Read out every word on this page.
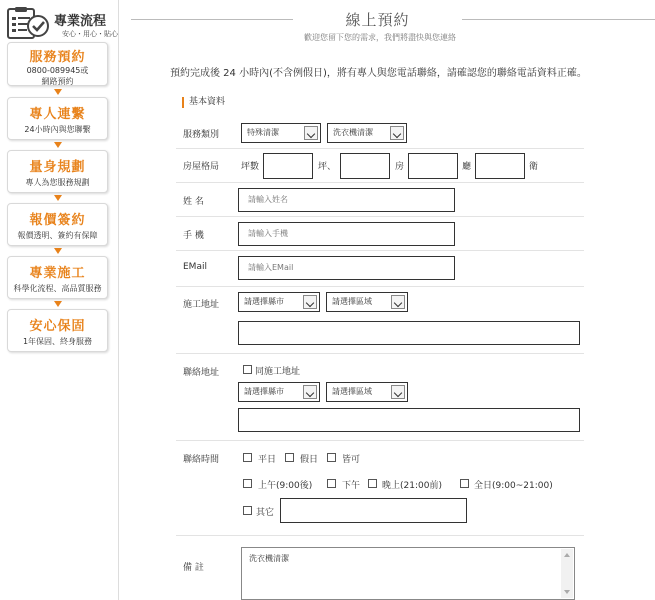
專業流程
安心・用心・貼心
服務預約
0800-089945或
網路預約
專人連繫
24小時內與您聯繫
量身規劃
專人為您服務規劃
報價簽約
報價透明、簽約有保障
專業施工
科學化流程、高品質服務
安心保固
1年保固、終身服務
線上預約
歡迎您留下您的需求，我們將盡快與您連絡
預約完成後 24 小時內(不含例假日)，將有專人與您電話聯絡，請確認您的聯絡電話資料正確。
基本資料
服務類別	特殊清潔	洗衣機清潔
房屋格局 坪數	坪、	房	廳	衛
姓 名	請輸入姓名
手 機	請輸入手機
EMail	請輸入EMail
施工地址	請選擇縣市	請選擇區域
聯絡地址	同施工地址
請選擇縣市	請選擇區域
聯絡時間	平日	假日	皆可
上午(9:00後)	下午 晚上(21:00前)	全日(9:00~21:00)
其它
備 註
洗衣機清潔
